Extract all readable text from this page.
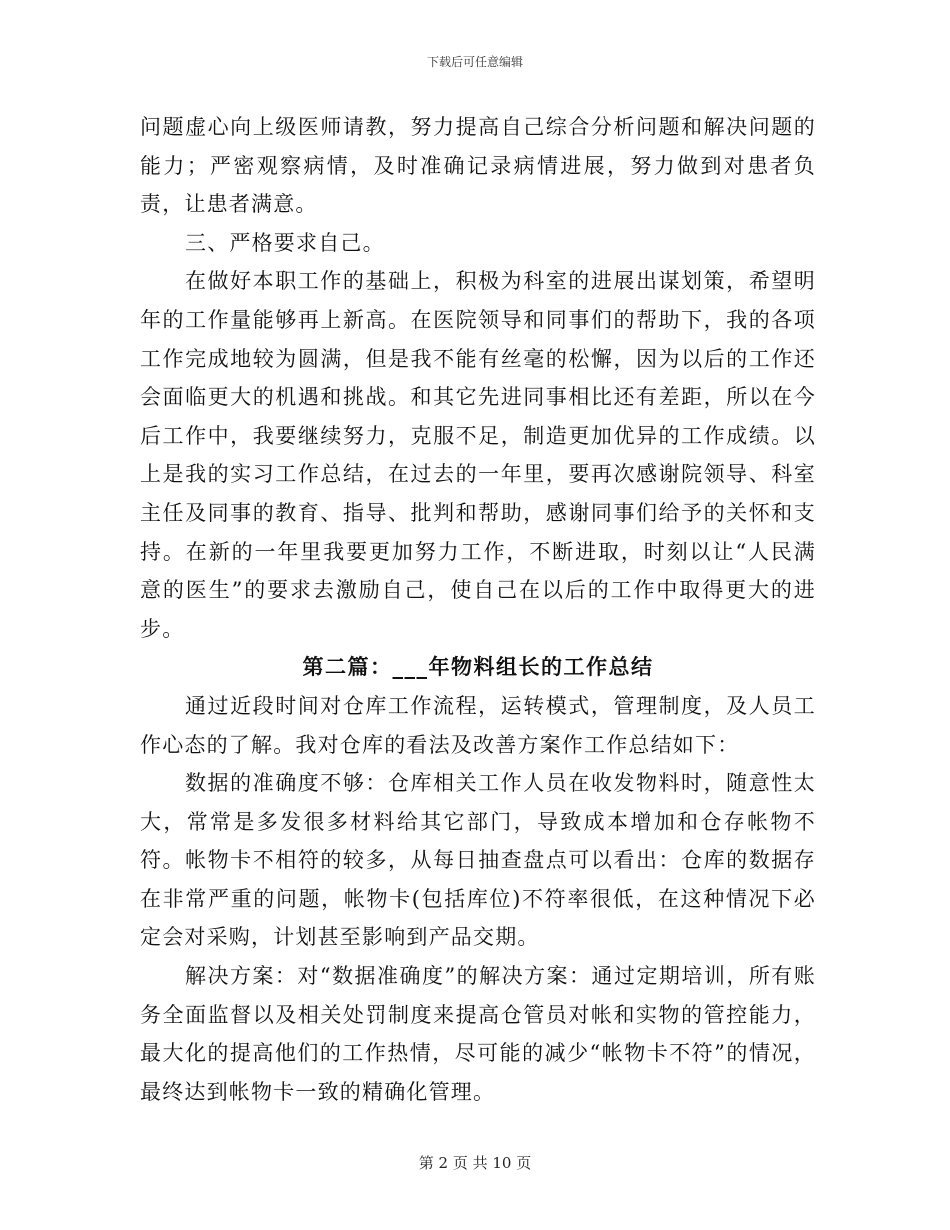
下载后可任意编辑

问题虚心向上级医师请教，努力提高自己综合分析问题和解决问题的能力；严密观察病情，及时准确记录病情进展，努力做到对患者负责，让患者满意。

三、严格要求自己。

在做好本职工作的基础上，积极为科室的进展出谋划策，希望明年的工作量能够再上新高。在医院领导和同事们的帮助下，我的各项工作完成地较为圆满，但是我不能有丝毫的松懈，因为以后的工作还会面临更大的机遇和挑战。和其它先进同事相比还有差距，所以在今后工作中，我要继续努力，克服不足，制造更加优异的工作成绩。以上是我的实习工作总结，在过去的一年里，要再次感谢院领导、科室主任及同事的教育、指导、批判和帮助，感谢同事们给予的关怀和支持。在新的一年里我要更加努力工作，不断进取，时刻以让“人民满意的医生”的要求去激励自己，使自己在以后的工作中取得更大的进步。

第二篇：___年物料组长的工作总结

通过近段时间对仓库工作流程，运转模式，管理制度，及人员工作心态的了解。我对仓库的看法及改善方案作工作总结如下：

数据的准确度不够：仓库相关工作人员在收发物料时，随意性太大，常常是多发很多材料给其它部门，导致成本增加和仓存帐物不符。帐物卡不相符的较多，从每日抽查盘点可以看出：仓库的数据存在非常严重的问题，帐物卡(包括库位)不符率很低，在这种情况下必定会对采购，计划甚至影响到产品交期。

解决方案：对“数据准确度”的解决方案：通过定期培训，所有账务全面监督以及相关处罚制度来提高仓管员对帐和实物的管控能力，最大化的提高他们的工作热情，尽可能的减少“帐物卡不符”的情况，最终达到帐物卡一致的精确化管理。

第 2 页 共 10 页
